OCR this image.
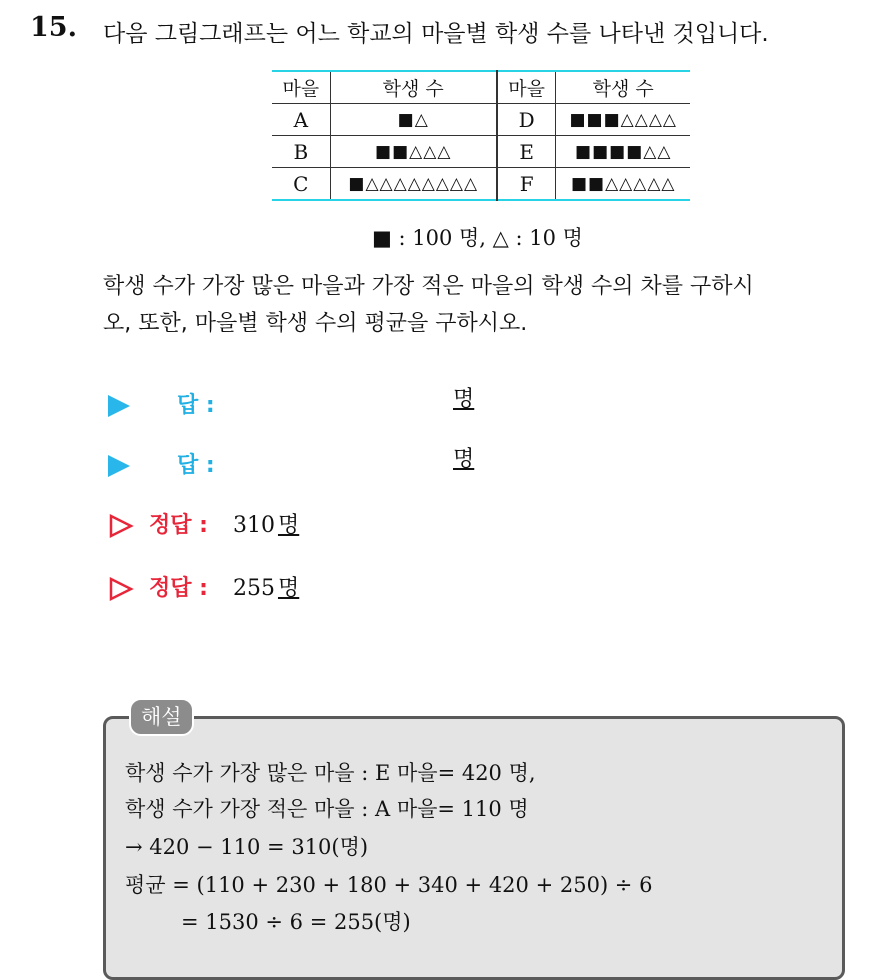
15. 다음 그림그래프는 어느 학교의 마을별 학생 수를 나타낸 것입니다.
마을	학생 수	마을	학생 수
A	■△	D	■■■△△△△
B	■■△△△	E	■■■■△△
C	■△△△△△△△△	F	■■△△△△△
■ : 100 명, △ : 10 명
학생 수가 가장 많은 마을과 가장 적은 마을의 학생 수의 차를 구하시
오, 또한, 마을별 학생 수의 평균을 구하시오.
답 :	명
답 :	명
정답 : 310 명
정답 : 255 명
해설
학생 수가 가장 많은 마을 : E 마을= 420 명,
학생 수가 가장 적은 마을 : A 마을= 110 명
→ 420 − 110 = 310(명)
평균 = (110 + 230 + 180 + 340 + 420 + 250) ÷ 6
= 1530 ÷ 6 = 255(명)
